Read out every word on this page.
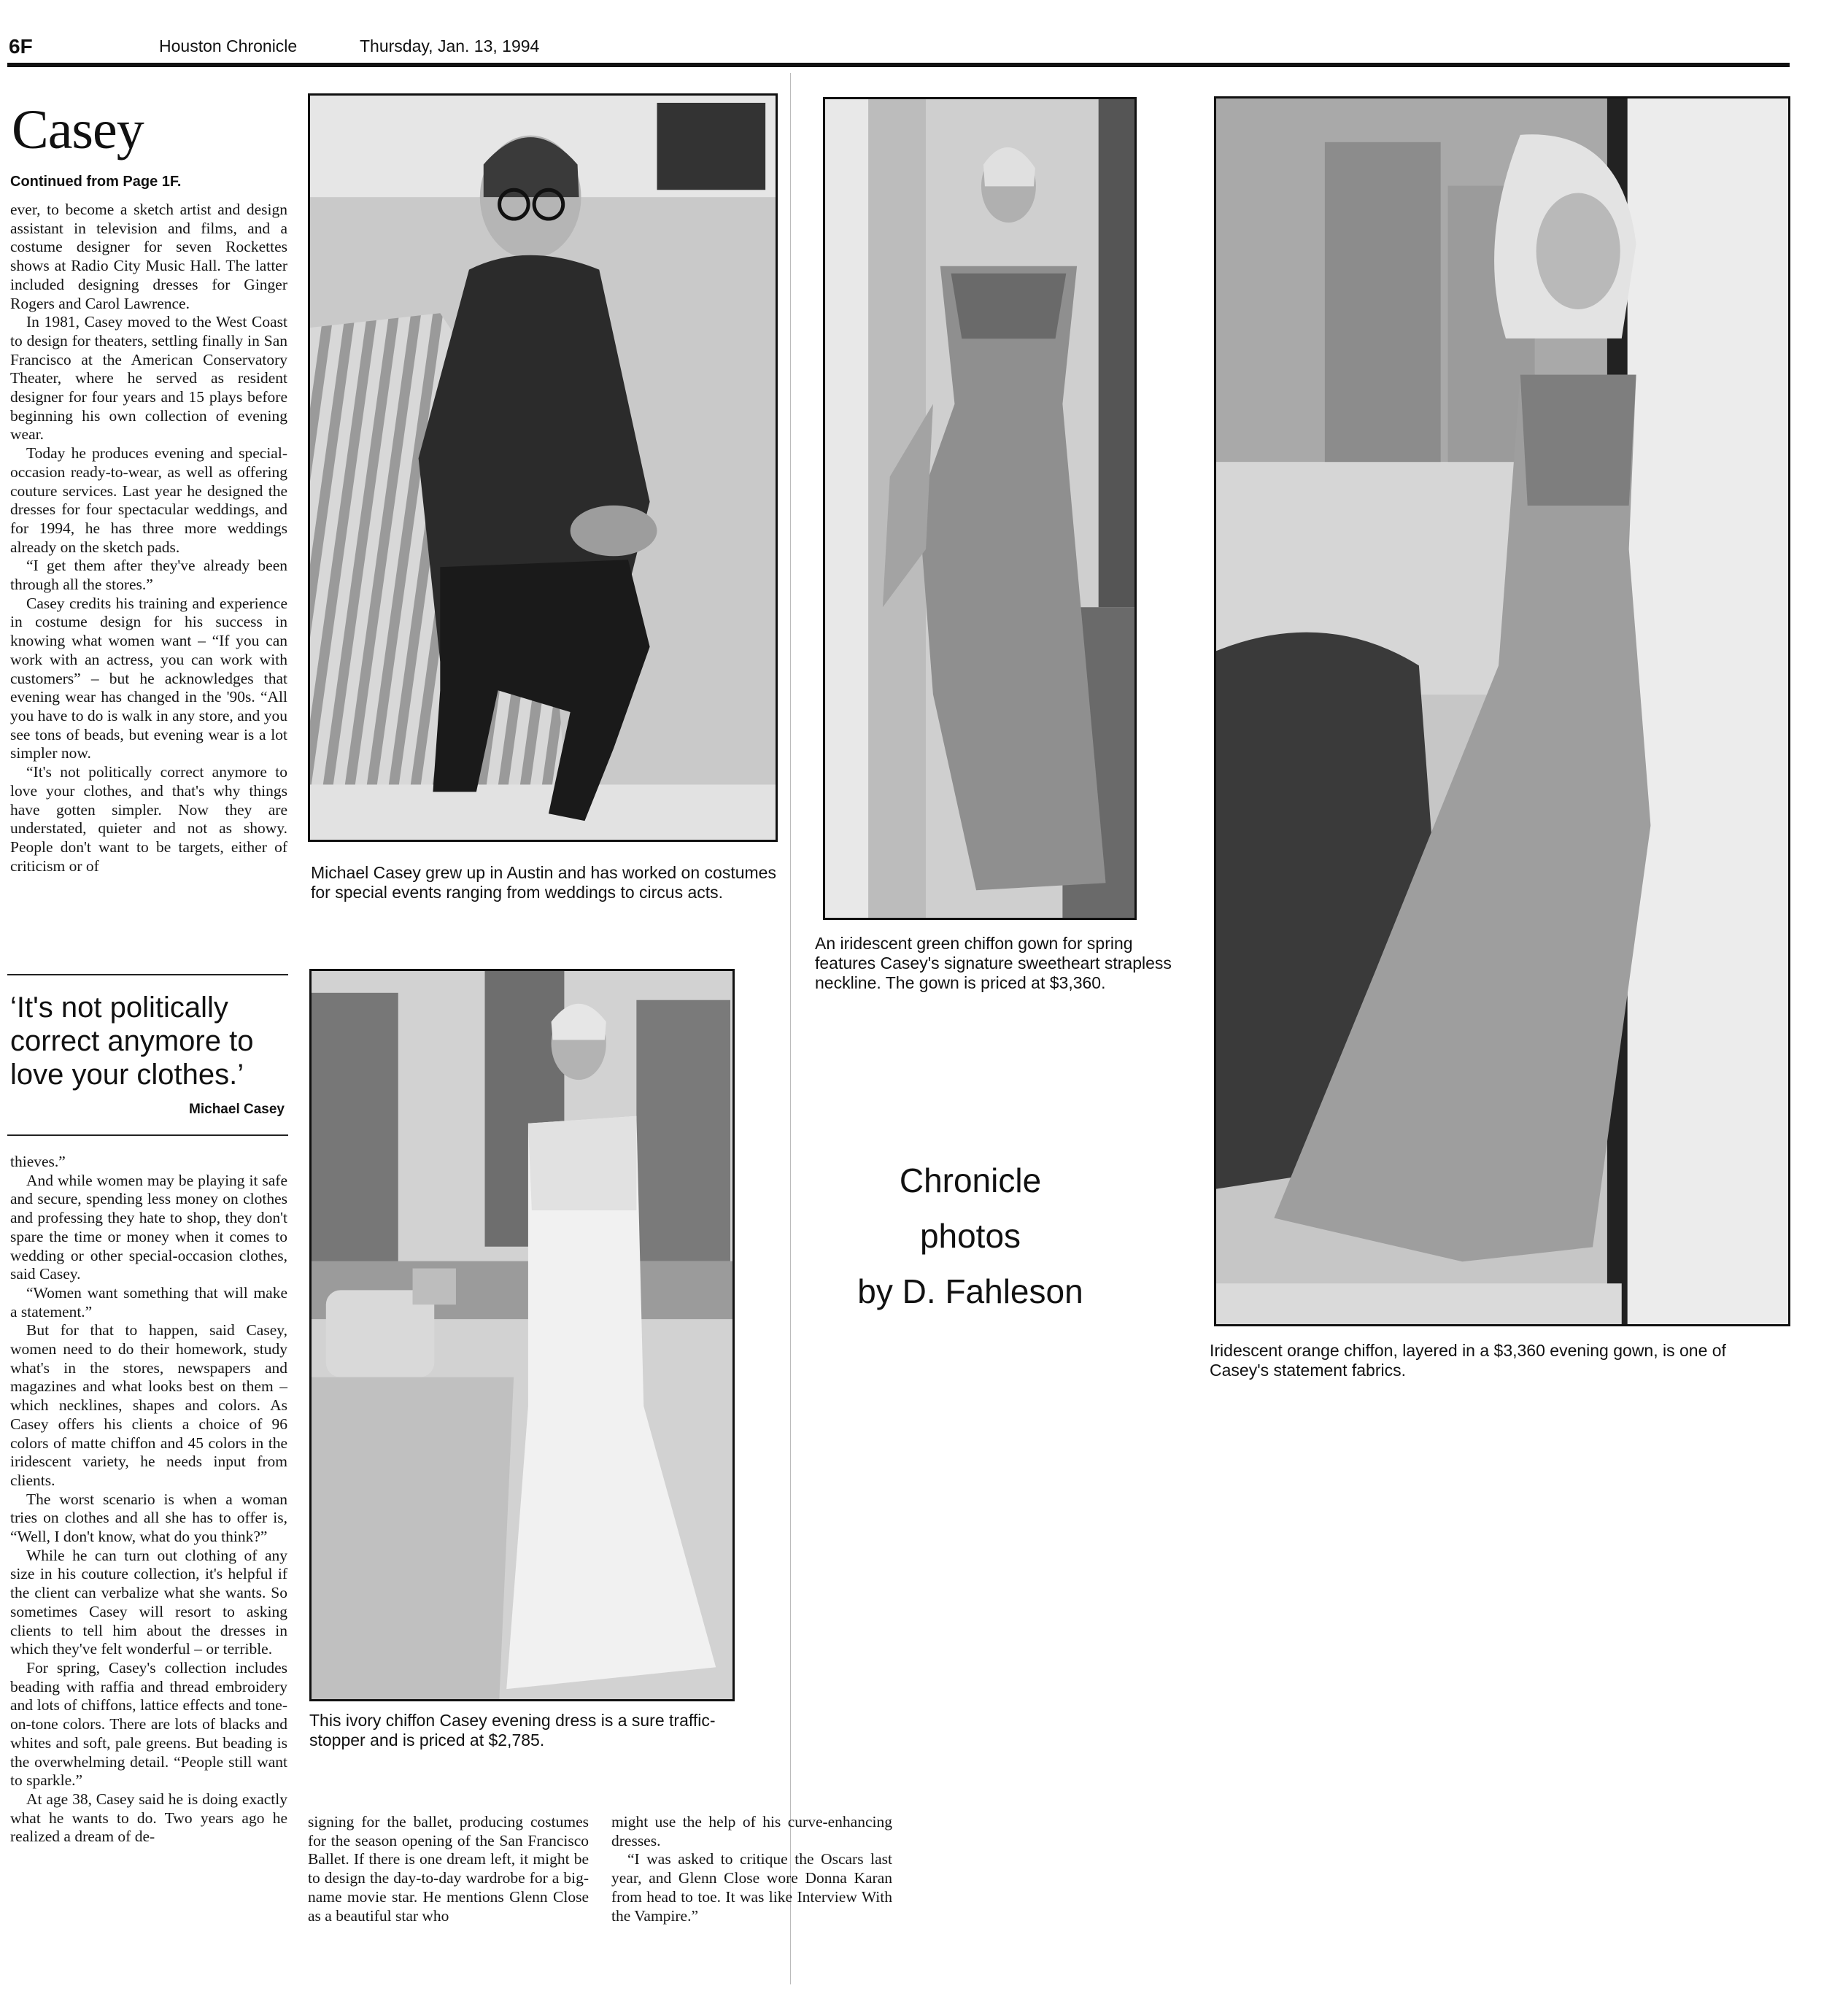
6F	Houston Chronicle	Thursday, Jan. 13, 1994
Casey
Continued from Page 1F.

ever, to become a sketch artist and design assistant in television and films, and a costume designer for seven Rockettes shows at Radio City Music Hall. The latter included designing dresses for Ginger Rogers and Carol Lawrence.

In 1981, Casey moved to the West Coast to design for theaters, settling finally in San Francisco at the American Conservatory Theater, where he served as resident designer for four years and 15 plays before beginning his own collection of evening wear.

Today he produces evening and special-occasion ready-to-wear, as well as offering couture services. Last year he designed the dresses for four spectacular weddings, and for 1994, he has three more weddings already on the sketch pads.

“I get them after they've already been through all the stores.”

Casey credits his training and experience in costume design for his success in knowing what women want – “If you can work with an actress, you can work with customers” – but he acknowledges that evening wear has changed in the '90s. “All you have to do is walk in any store, and you see tons of beads, but evening wear is a lot simpler now.

“It's not politically correct anymore to love your clothes, and that's why things have gotten simpler. Now they are understated, quieter and not as showy. People don't want to be targets, either of criticism or of

‘It's not politically correct anymore to love your clothes.’
Michael Casey

thieves.”

And while women may be playing it safe and secure, spending less money on clothes and professing they hate to shop, they don't spare the time or money when it comes to wedding or other special-occasion clothes, said Casey.

“Women want something that will make a statement.”

But for that to happen, said Casey, women need to do their homework, study what's in the stores, newspapers and magazines and what looks best on them – which necklines, shapes and colors. As Casey offers his clients a choice of 96 colors of matte chiffon and 45 colors in the iridescent variety, he needs input from clients.

The worst scenario is when a woman tries on clothes and all she has to offer is, “Well, I don't know, what do you think?”

While he can turn out clothing of any size in his couture collection, it's helpful if the client can verbalize what she wants. So sometimes Casey will resort to asking clients to tell him about the dresses in which they've felt wonderful – or terrible.

For spring, Casey's collection includes beading with raffia and thread embroidery and lots of chiffons, lattice effects and tone-on-tone colors. There are lots of blacks and whites and soft, pale greens. But beading is the overwhelming detail. “People still want to sparkle.”

At age 38, Casey said he is doing exactly what he wants to do. Two years ago he realized a dream of de-

Michael Casey grew up in Austin and has worked on costumes for special events ranging from weddings to circus acts.
An iridescent green chiffon gown for spring features Casey's signature sweetheart strapless neckline. The gown is priced at $3,360.
Iridescent orange chiffon, layered in a $3,360 evening gown, is one of Casey's statement fabrics.
This ivory chiffon Casey evening dress is a sure traffic-stopper and is priced at $2,785.
Chronicle
photos
by D. Fahleson

signing for the ballet, producing costumes for the season opening of the San Francisco Ballet. If there is one dream left, it might be to design the day-to-day wardrobe for a big-name movie star. He mentions Glenn Close as a beautiful star who

might use the help of his curve-enhancing dresses.

“I was asked to critique the Oscars last year, and Glenn Close wore Donna Karan from head to toe. It was like Interview With the Vampire.”
